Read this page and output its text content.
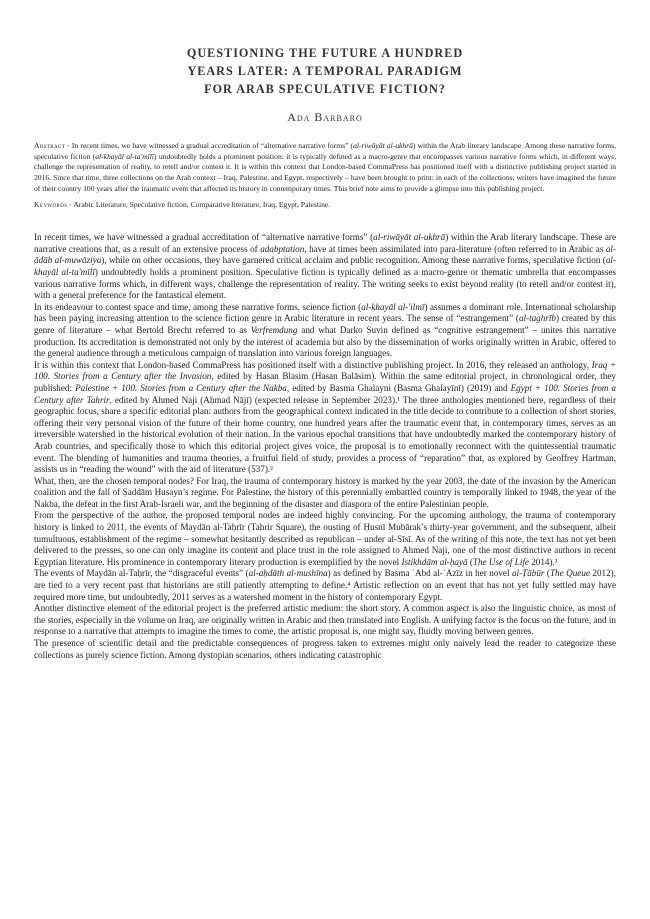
QUESTIONING THE FUTURE A HUNDRED
YEARS LATER: A TEMPORAL PARADIGM
FOR ARAB SPECULATIVE FICTION?
Ada Barbaro

Abstract · In recent times, we have witnessed a gradual accreditation of “alternative narrative forms” (al-riwāyāt al-ukhrā) within the Arab literary landscape. Among these narrative forms, speculative fiction (al-khayāl al-ta'mīlī) undoubtedly holds a prominent position: it is typically defined as a macro-genre that encompasses various narrative forms which, in different ways, challenge the representation of reality, to retell and/or contest it. It is within this context that London-based CommaPress has positioned itself with a distinctive publishing project started in 2016. Since that time, three collections on the Arab context – Iraq, Palestine, and Egypt, respectively – have been brought to print: in each of the collections, writers have imagined the future of their country 100 years after the traumatic event that affected its history in contemporary times. This brief note aims to provide a glimpse into this publishing project.

Keywords · Arabic Literature, Speculative fiction, Comparative literature, Iraq, Egypt, Palestine.

In recent times, we have witnessed a gradual accreditation of “alternative narrative forms” (al-riwāyāt al-ukhrā) within the Arab literary landscape. These are narrative creations that, as a result of an extensive process of adabptation, have at times been assimilated into para-literature (often referred to in Arabic as al-ādāb al-muwāziya), while on other occasions, they have garnered critical acclaim and public recognition. Among these narrative forms, speculative fiction (al-khayāl al-ta'mīlī) undoubtedly holds a prominent position. Speculative fiction is typically defined as a macro-genre or thematic umbrella that encompasses various narrative forms which, in different ways, challenge the representation of reality. The writing seeks to exist beyond reality (to retell and/or contest it), with a general preference for the fantastical element.

In its endeavour to contest space and time, among these narrative forms, science fiction (al-khayāl al-'ilmī) assumes a dominant role. International scholarship has been paying increasing attention to the science fiction genre in Arabic literature in recent years. The sense of “estrangement” (al-taghrīb) created by this genre of literature – what Bertold Brecht referred to as Verfremdung and what Darko Suvin defined as “cognitive estrangement” – unites this narrative production. Its accreditation is demonstrated not only by the interest of academia but also by the dissemination of works originally written in Arabic, offered to the general audience through a meticulous campaign of translation into various foreign languages.

It is within this context that London-based CommaPress has positioned itself with a distinctive publishing project. In 2016, they released an anthology, Iraq + 100. Stories from a Century after the Invasion, edited by Hasan Blasim (Hasan Balāsim). Within the same editorial project, in chronological order, they published: Palestine + 100. Stories from a Century after the Nakba, edited by Basma Ghalayni (Basma Ghalayīnī) (2019) and Egypt + 100. Stories from a Century after Tahrir, edited by Ahmed Naji (Aḥmad Nājī) (expected release in September 2023).¹ The three anthologies mentioned here, regardless of their geographic focus, share a specific editorial plan: authors from the geographical context indicated in the title decide to contribute to a collection of short stories, offering their very personal vision of the future of their home country, one hundred years after the traumatic event that, in contemporary times, serves as an irreversible watershed in the historical evolution of their nation. In the various epochal transitions that have undoubtedly marked the contemporary history of Arab countries, and specifically those to which this editorial project gives voice, the proposal is to emotionally reconnect with the quintessential traumatic event. The blending of humanities and trauma theories, a fruitful field of study, provides a process of “reparation” that, as explored by Geoffrey Hartman, assists us in “reading the wound” with the aid of literature (537).²

What, then, are the chosen temporal nodes? For Iraq, the trauma of contemporary history is marked by the year 2003, the date of the invasion by the American coalition and the fall of Ṣaddām Ḥusayn’s regime. For Palestine, the history of this perennially embattled country is temporally linked to 1948, the year of the Nakba, the defeat in the first Arab-Israeli war, and the beginning of the disaster and diaspora of the entire Palestinian people.

From the perspective of the author, the proposed temporal nodes are indeed highly convincing. For the upcoming anthology, the trauma of contemporary history is linked to 2011, the events of Maydān al-Taḥrīr (Tahrir Square), the ousting of Ḥusnī Mubārak’s thirty-year government, and the subsequent, albeit tumultuous, establishment of the regime – somewhat hesitantly described as republican – under al-Sīsī. As of the writing of this note, the text has not yet been delivered to the presses, so one can only imagine its content and place trust in the role assigned to Ahmed Naji, one of the most distinctive authors in recent Egyptian literature. His prominence in contemporary literary production is exemplified by the novel Istikhdām al-ḥayā (The Use of Life 2014).³

The events of Maydān al-Taḥrīr, the “disgraceful events” (al-aḥdāth al-mushīna) as defined by Basma ʿAbd al-ʿAzīz in her novel al-Ṭābūr (The Queue 2012), are tied to a very recent past that historians are still patiently attempting to define.⁴ Artistic reflection on an event that has not yet fully settled may have required more time, but undoubtedly, 2011 serves as a watershed moment in the history of contemporary Egypt.

Another distinctive element of the editorial project is the preferred artistic medium: the short story. A common aspect is also the linguistic choice, as most of the stories, especially in the volume on Iraq, are originally written in Arabic and then translated into English. A unifying factor is the focus on the future, and in response to a narrative that attempts to imagine the times to come, the artistic proposal is, one might say, fluidly moving between genres.

The presence of scientific detail and the predictable consequences of progress taken to extremes might only naively lead the reader to categorize these collections as purely science fiction. Among dystopian scenarios, others indicating catastrophic
